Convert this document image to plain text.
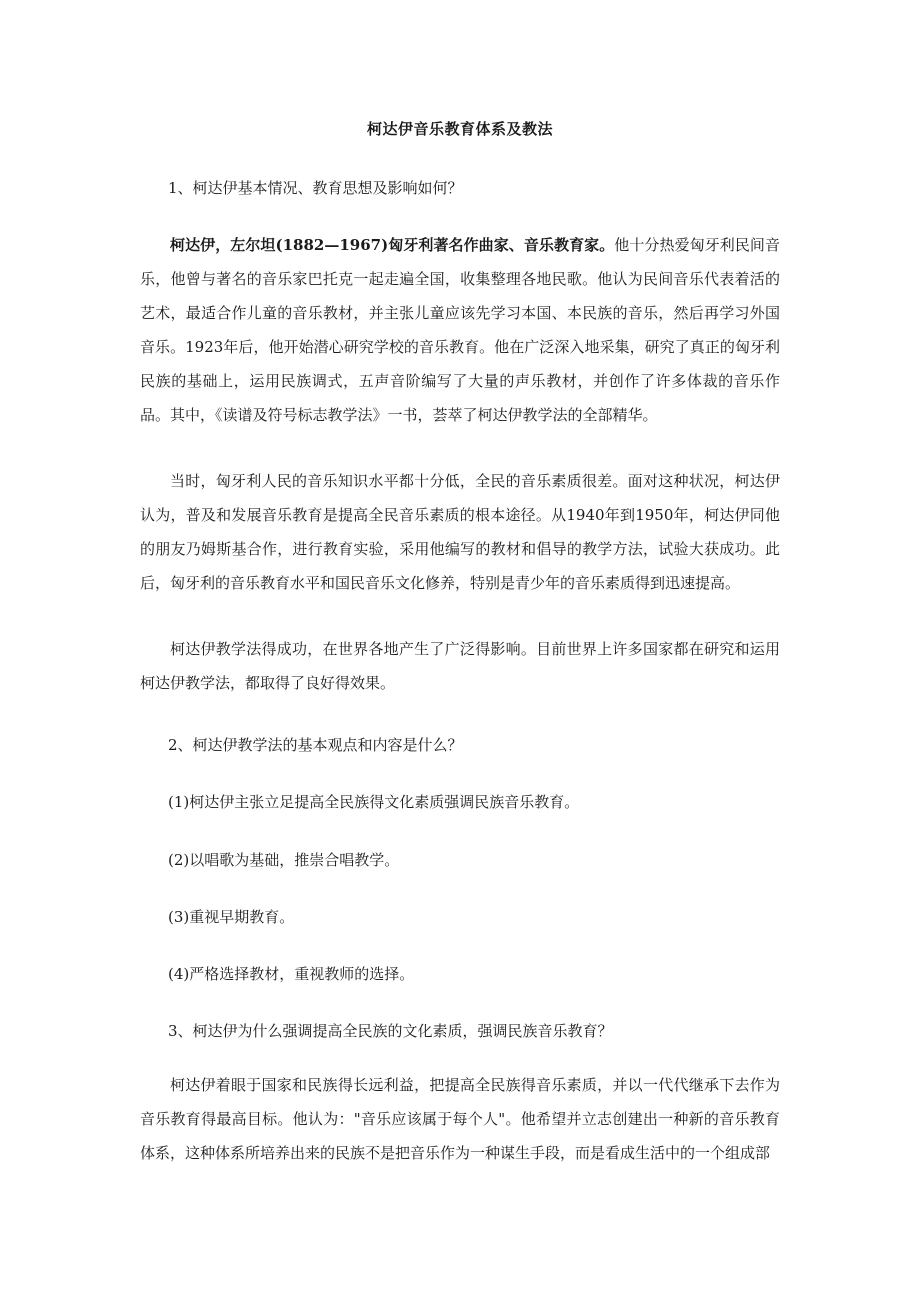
柯达伊音乐教育体系及教法
1、柯达伊基本情况、教育思想及影响如何？
柯达伊，左尔坦(1882—1967)匈牙利著名作曲家、音乐教育家。他十分热爱匈牙利民间音乐，他曾与著名的音乐家巴托克一起走遍全国，收集整理各地民歌。他认为民间音乐代表着活的艺术，最适合作儿童的音乐教材，并主张儿童应该先学习本国、本民族的音乐，然后再学习外国音乐。1923年后，他开始潜心研究学校的音乐教育。他在广泛深入地采集，研究了真正的匈牙利民族的基础上，运用民族调式，五声音阶编写了大量的声乐教材，并创作了许多体裁的音乐作品。其中，《读谱及符号标志教学法》一书，荟萃了柯达伊教学法的全部精华。
当时，匈牙利人民的音乐知识水平都十分低，全民的音乐素质很差。面对这种状况，柯达伊认为，普及和发展音乐教育是提高全民音乐素质的根本途径。从1940年到1950年，柯达伊同他的朋友乃姆斯基合作，进行教育实验，采用他编写的教材和倡导的教学方法，试验大获成功。此后，匈牙利的音乐教育水平和国民音乐文化修养，特别是青少年的音乐素质得到迅速提高。
柯达伊教学法得成功，在世界各地产生了广泛得影响。目前世界上许多国家都在研究和运用柯达伊教学法，都取得了良好得效果。
2、柯达伊教学法的基本观点和内容是什么？
(1)柯达伊主张立足提高全民族得文化素质强调民族音乐教育。
(2)以唱歌为基础，推崇合唱教学。
(3)重视早期教育。
(4)严格选择教材，重视教师的选择。
3、柯达伊为什么强调提高全民族的文化素质，强调民族音乐教育？
柯达伊着眼于国家和民族得长远利益，把提高全民族得音乐素质，并以一代代继承下去作为音乐教育得最高目标。他认为："音乐应该属于每个人"。他希望并立志创建出一种新的音乐教育体系，这种体系所培养出来的民族不是把音乐作为一种谋生手段，而是看成生活中的一个组成部
